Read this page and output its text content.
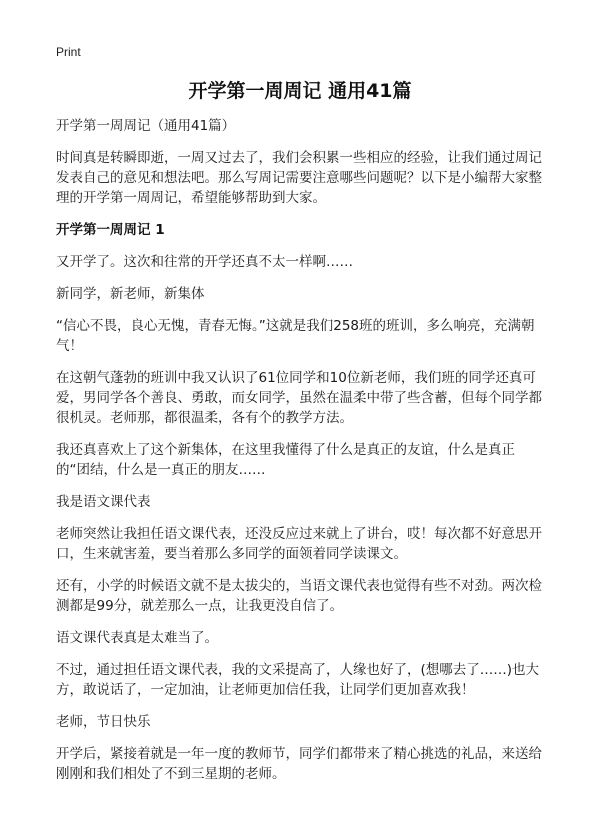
Print

开学第一周周记 通用41篇

开学第一周周记（通用41篇）

时间真是转瞬即逝，一周又过去了，我们会积累一些相应的经验，让我们通过周记发表自己的意见和想法吧。那么写周记需要注意哪些问题呢？以下是小编帮大家整理的开学第一周周记，希望能够帮助到大家。

开学第一周周记 1

又开学了。这次和往常的开学还真不太一样啊……

新同学，新老师，新集体

“信心不畏，良心无愧，青春无悔。”这就是我们258班的班训，多么响亮，充满朝气！

在这朝气蓬勃的班训中我又认识了61位同学和10位新老师，我们班的同学还真可爱，男同学各个善良、勇敢，而女同学，虽然在温柔中带了些含蓄，但每个同学都很机灵。老师那，都很温柔，各有个的教学方法。

我还真喜欢上了这个新集体，在这里我懂得了什么是真正的友谊，什么是真正的“团结，什么是一真正的朋友……

我是语文课代表

老师突然让我担任语文课代表，还没反应过来就上了讲台，哎！每次都不好意思开口，生来就害羞，要当着那么多同学的面领着同学读课文。

还有，小学的时候语文就不是太拔尖的，当语文课代表也觉得有些不对劲。两次检测都是99分，就差那么一点，让我更没自信了。

语文课代表真是太难当了。

不过，通过担任语文课代表，我的文采提高了，人缘也好了，(想哪去了……)也大方，敢说话了，一定加油，让老师更加信任我，让同学们更加喜欢我！

老师，节日快乐

开学后，紧接着就是一年一度的教师节，同学们都带来了精心挑选的礼品，来送给刚刚和我们相处了不到三星期的老师。
